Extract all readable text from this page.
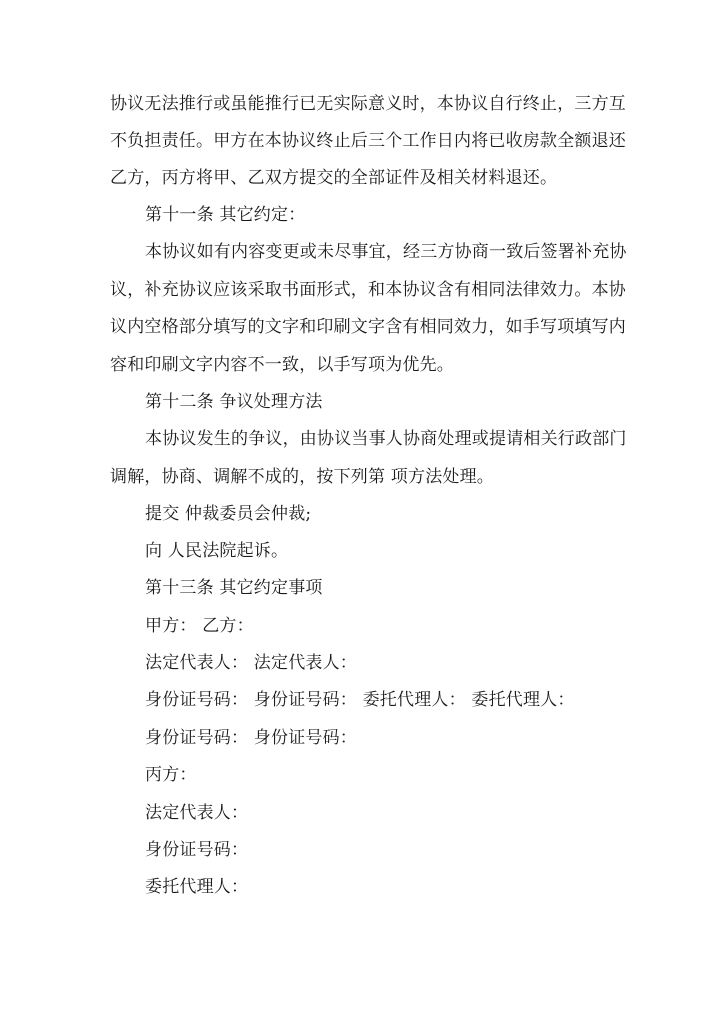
协议无法推行或虽能推行已无实际意义时，本协议自行终止，三方互
不负担责任。甲方在本协议终止后三个工作日内将已收房款全额退还
乙方，丙方将甲、乙双方提交的全部证件及相关材料退还。
第十一条 其它约定：
本协议如有内容变更或未尽事宜，经三方协商一致后签署补充协
议，补充协议应该采取书面形式，和本协议含有相同法律效力。本协
议内空格部分填写的文字和印刷文字含有相同效力，如手写项填写内
容和印刷文字内容不一致，以手写项为优先。
第十二条 争议处理方法
本协议发生的争议，由协议当事人协商处理或提请相关行政部门
调解，协商、调解不成的，按下列第 项方法处理。
提交 仲裁委员会仲裁;
向 人民法院起诉。
第十三条 其它约定事项
甲方： 乙方：
法定代表人： 法定代表人：
身份证号码： 身份证号码： 委托代理人： 委托代理人：
身份证号码： 身份证号码：
丙方：
法定代表人：
身份证号码：
委托代理人：
